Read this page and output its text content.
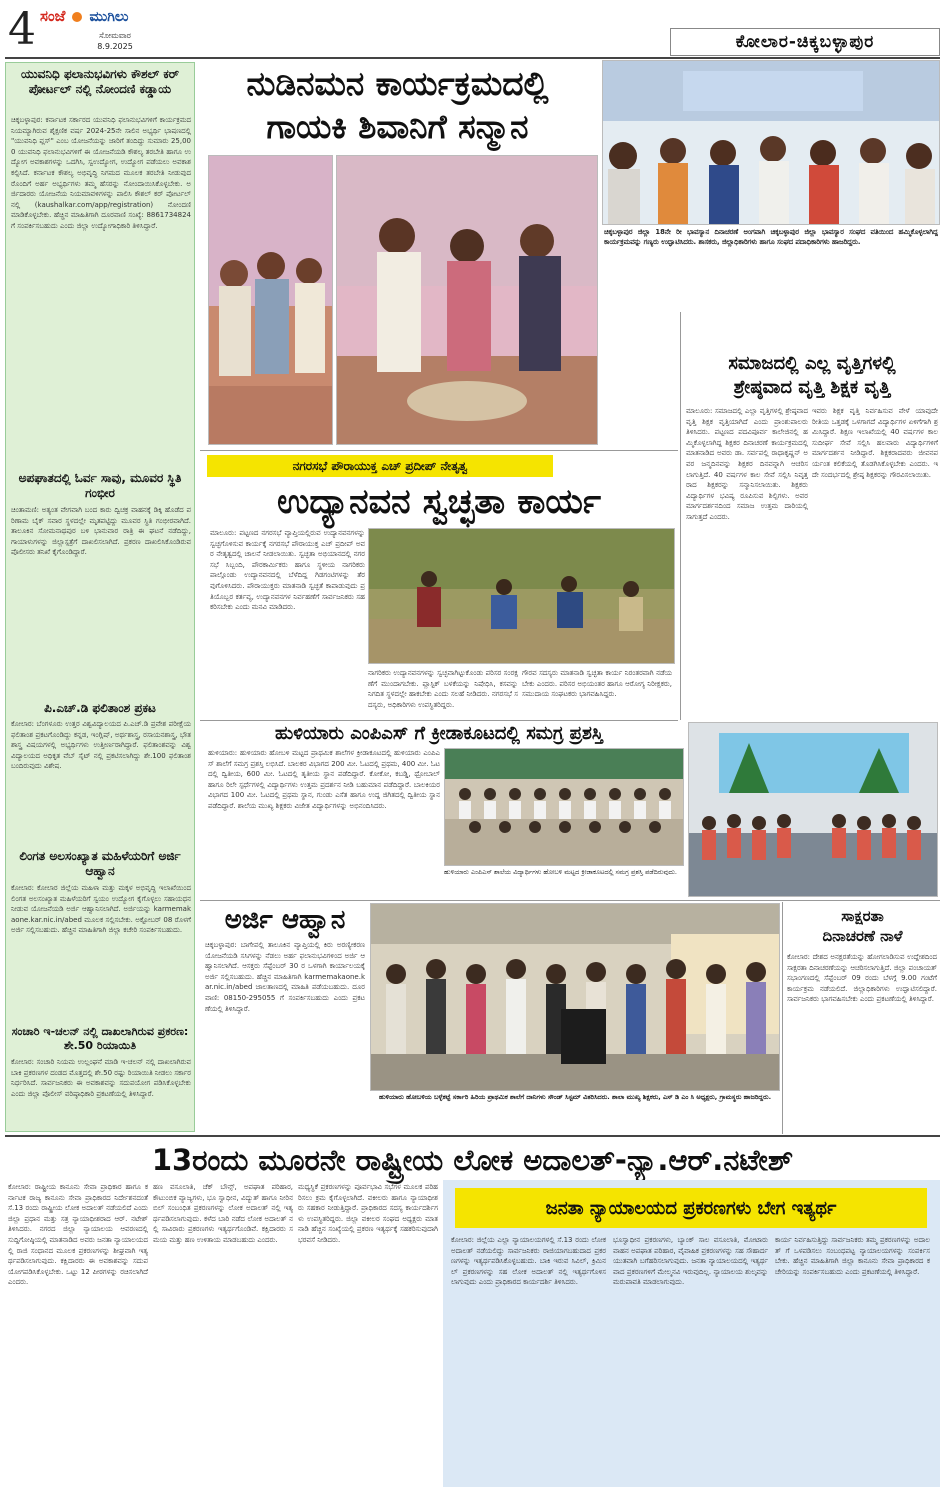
4 ಸಂಜೆ ಮುಗಿಲು
ಸೋಮವಾರ
8.9.2025	ಕೋಲಾರ-ಚಿಕ್ಕಬಳ್ಳಾಪುರ
ಯುವನಿಧಿ ಫಲಾನುಭವಿಗಳು ಕೌಶಲ್ ಕರ್ ಪೋರ್ಟಲ್ ನಲ್ಲಿ ನೋಂದಣಿ ಕಡ್ಡಾಯ
ಚಿಕ್ಕಬಳ್ಳಾಪುರ: ಕರ್ನಾಟಕ ಸರ್ಕಾರದ ಯುವನಿಧಿ ಫಲಾನುಭವಿಗಳಿಗೆ ಕಾರ್ಯಕ್ರಮದ ನಿಯಮ್ಯಾಗಿರುವ ಶೈಕ್ಷಣಿಕ ವರ್ಷ 2024-25ನೇ ಸಾಲಿನ ಅಭ್ಯರ್ಥಿ ಭಾಷಣದಲ್ಲಿ "ಯುವನಿಧಿ ಪ್ಲಸ್" ಎಂಬ ಯೋಜನೆಯನ್ನು ಜಾರಿಗೆ ತಂದಿದ್ದು ಸುಮಾರು 25,000 ಯುವನಿಧಿ ಫಲಾನುಭವಿಗಳಿಗೆ ಈ ಯೋಜನೆಯಡಿ ಕೌಶಲ್ಯ ತರಬೇತಿ ಹಾಗೂ ಉದ್ಯೋಗ ಅವಕಾಶಗಳನ್ನು ಒದಗಿಸಿ, ಸ್ವಉದ್ಯೋಗ, ಉದ್ಯೋಗ ಪಡೆಯಲು ಅವಕಾಶ ಕಲ್ಪಿಸಿದೆ. ಕರ್ನಾಟಕ ಕೌಶಲ್ಯ ಅಭಿವೃದ್ಧಿ ನಿಗಮದ ಮೂಲಕ ತರಬೇತಿ ನೀಡುವುದರೊಂದಿಗೆ ಅರ್ಹ ಅಭ್ಯರ್ಥಿಗಳು ತಮ್ಮ ಹೆಸರನ್ನು ನೋಂದಾಯಿಸಿಕೊಳ್ಳಬೇಕು. ಅರ್ಜಿದಾರರು ಯೋಜನೆಯ ನಿಯಮಾವಳಿಗಳನ್ನು ಪಾಲಿಸಿ ಕೌಶಲ್ ಕರ್ ಪೋರ್ಟಲ್ ನಲ್ಲಿ (kaushalkar.com/app/registration) ನೋಂದಣಿ ಮಾಡಿಕೊಳ್ಳಬೇಕು. ಹೆಚ್ಚಿನ ಮಾಹಿತಿಗಾಗಿ ದೂರವಾಣಿ ಸಂಖ್ಯೆ: 8861734824 ಗೆ ಸಂಪರ್ಕಿಸಬಹುದು ಎಂದು ಜಿಲ್ಲಾ ಉದ್ಯೋಗಾಧಿಕಾರಿ ತಿಳಿಸಿದ್ದಾರೆ.
ಅಪಘಾತದಲ್ಲಿ ಓರ್ವ ಸಾವು, ಮೂವರ ಸ್ಥಿತಿ ಗಂಭೀರ
ಚಿಂತಾಮಣಿ: ಅತ್ಯಂತ ವೇಗವಾಗಿ ಬಂದ ಕಾರು ದ್ವಿಚಕ್ರ ವಾಹನಕ್ಕೆ ಡಿಕ್ಕಿ ಹೊಡೆದ ಪರಿಣಾಮ ಬೈಕ್ ಸವಾರ ಸ್ಥಳದಲ್ಲೇ ಮೃತಪಟ್ಟಿದ್ದು ಮೂವರ ಸ್ಥಿತಿ ಗಂಭೀರವಾಗಿದೆ. ತಾಲೂಕಿನ ಸೋಮನಾಥಪುರ ಬಳಿ ಭಾನುವಾರ ರಾತ್ರಿ ಈ ಘಟನೆ ನಡೆದಿದ್ದು, ಗಾಯಾಳುಗಳನ್ನು ಜಿಲ್ಲಾಸ್ಪತ್ರೆಗೆ ದಾಖಲಿಸಲಾಗಿದೆ. ಪ್ರಕರಣ ದಾಖಲಿಸಿಕೊಂಡಿರುವ ಪೊಲೀಸರು ತನಿಖೆ ಕೈಗೊಂಡಿದ್ದಾರೆ.
ಪಿ.ಎಚ್.ಡಿ ಫಲಿತಾಂಶ ಪ್ರಕಟ
ಕೋಲಾರ: ಬೆಂಗಳೂರು ಉತ್ತರ ವಿಶ್ವವಿದ್ಯಾಲಯದ ಪಿ.ಎಚ್.ಡಿ ಪ್ರವೇಶ ಪರೀಕ್ಷೆಯ ಫಲಿತಾಂಶ ಪ್ರಕಟಗೊಂಡಿದ್ದು ಕನ್ನಡ, ಇಂಗ್ಲಿಷ್, ಅರ್ಥಶಾಸ್ತ್ರ, ರಸಾಯನಶಾಸ್ತ್ರ, ಭೌತಶಾಸ್ತ್ರ ವಿಷಯಗಳಲ್ಲಿ ಅಭ್ಯರ್ಥಿಗಳು ಉತ್ತೀರ್ಣರಾಗಿದ್ದಾರೆ. ಫಲಿತಾಂಶವನ್ನು ವಿಶ್ವವಿದ್ಯಾಲಯದ ಅಧಿಕೃತ ವೆಬ್ ಸೈಟ್ ನಲ್ಲಿ ಪ್ರಕಟಿಸಲಾಗಿದ್ದು ಶೇ.100 ಫಲಿತಾಂಶ ಬಂದಿರುವುದು ವಿಶೇಷ.
ಲಿಂಗತ ಅಲಸಂಖ್ಯಾತ ಮಹಿಳೆಯರಿಗೆ ಅರ್ಜಿ ಆಹ್ವಾನ
ಕೋಲಾರ: ಕೋಲಾರ ಜಿಲ್ಲೆಯ ಮಹಿಳಾ ಮತ್ತು ಮಕ್ಕಳ ಅಭಿವೃದ್ಧಿ ಇಲಾಖೆಯಿಂದ ಲಿಂಗತ ಅಲಸಂಖ್ಯಾತ ಮಹಿಳೆಯರಿಗೆ ಸ್ವಯಂ ಉದ್ಯೋಗ ಕೈಗೊಳ್ಳಲು ಸಹಾಯಧನ ನೀಡುವ ಯೋಜನೆಯಡಿ ಅರ್ಜಿ ಆಹ್ವಾನಿಸಲಾಗಿದೆ. ಅರ್ಜಿಯನ್ನು karmemakaone.kar.nic.in/abed ಮೂಲಕ ಸಲ್ಲಿಸಬೇಕು. ಅಕ್ಟೋಬರ್ 08 ರೊಳಗೆ ಅರ್ಜಿ ಸಲ್ಲಿಸಬಹುದು. ಹೆಚ್ಚಿನ ಮಾಹಿತಿಗಾಗಿ ಜಿಲ್ಲಾ ಕಚೇರಿ ಸಂಪರ್ಕಿಸಬಹುದು.
ಸಂಚಾರಿ ಇ-ಚಲನ್ ನಲ್ಲಿ ದಾಖಲಾಗಿರುವ ಪ್ರಕರಣ: ಶೇ.50 ರಿಯಾಯಿತಿ
ಕೋಲಾರ: ಸಂಚಾರಿ ನಿಯಮ ಉಲ್ಲಂಘನೆ ಮಾಡಿ ಇ-ಚಲನ್ ನಲ್ಲಿ ದಾಖಲಾಗಿರುವ ಬಾಕಿ ಪ್ರಕರಣಗಳ ದಂಡದ ಮೊತ್ತದಲ್ಲಿ ಶೇ.50 ರಷ್ಟು ರಿಯಾಯಿತಿ ನೀಡಲು ಸರ್ಕಾರ ನಿರ್ಧರಿಸಿದೆ. ಸಾರ್ವಜನಿಕರು ಈ ಅವಕಾಶವನ್ನು ಸದುಪಯೋಗ ಪಡಿಸಿಕೊಳ್ಳಬೇಕು ಎಂದು ಜಿಲ್ಲಾ ಪೊಲೀಸ್ ವರಿಷ್ಠಾಧಿಕಾರಿ ಪ್ರಕಟಣೆಯಲ್ಲಿ ತಿಳಿಸಿದ್ದಾರೆ.
ನುಡಿನಮನ ಕಾರ್ಯಕ್ರಮದಲ್ಲಿ
ಗಾಯಕಿ ಶಿವಾನಿಗೆ ಸನ್ಮಾನ
ಚಿಕ್ಕಬಳ್ಳಾಪುರ ಜಿಲ್ಲಾ 18ನೇ ರೀ ಭಾವಸ್ಯಾನ ದಿನಾಚರಣೆ ಅಂಗವಾಗಿ ಚಿಕ್ಕಬಳ್ಳಾಪುರ ಜಿಲ್ಲಾ ಭಾವಸ್ಯಾರ ಸಂಘದ ವತಿಯಿಂದ ಹಮ್ಮಿಕೊಳ್ಳಲಾಗಿದ್ದ ಕಾರ್ಯಕ್ರಮವನ್ನು ಗಣ್ಯರು ಉದ್ಘಾಟಿಸಿದರು. ಶಾಸಕರು, ಜಿಲ್ಲಾಧಿಕಾರಿಗಳು ಹಾಗೂ ಸಂಘದ ಪದಾಧಿಕಾರಿಗಳು ಹಾಜರಿದ್ದರು.
ನಗರಸಭೆ ಪೌರಾಯುಕ್ತ ಎಚ್ ಪ್ರದೀಪ್ ನೇತೃತ್ವ
ಉದ್ಯಾನವನ ಸ್ವಚ್ಛತಾ ಕಾರ್ಯ
ಮಾಲೂರು: ಪಟ್ಟಣದ ನಗರಸಭೆ ವ್ಯಾಪ್ತಿಯಲ್ಲಿರುವ ಉದ್ಯಾನವನಗಳನ್ನು ಸ್ವಚ್ಛಗೊಳಿಸುವ ಕಾರ್ಯಕ್ಕೆ ನಗರಸಭೆ ಪೌರಾಯುಕ್ತ ಎಚ್ ಪ್ರದೀಪ್ ಅವರ ನೇತೃತ್ವದಲ್ಲಿ ಚಾಲನೆ ನೀಡಲಾಯಿತು. ಸ್ವಚ್ಛತಾ ಅಭಿಯಾನದಲ್ಲಿ ನಗರಸಭೆ ಸಿಬ್ಬಂದಿ, ಪೌರಕಾರ್ಮಿಕರು ಹಾಗೂ ಸ್ಥಳೀಯ ನಾಗರಿಕರು ಪಾಲ್ಗೊಂಡು ಉದ್ಯಾನವನದಲ್ಲಿ ಬೆಳೆದಿದ್ದ ಗಿಡಗಂಟಿಗಳನ್ನು ತೆರವುಗೊಳಿಸಿದರು. ಪೌರಾಯುಕ್ತರು ಮಾತನಾಡಿ ಸ್ವಚ್ಛತೆ ಕಾಪಾಡುವುದು ಪ್ರತಿಯೊಬ್ಬರ ಕರ್ತವ್ಯ, ಉದ್ಯಾನವನಗಳ ನಿರ್ವಹಣೆಗೆ ಸಾರ್ವಜನಿಕರು ಸಹಕರಿಸಬೇಕು ಎಂದು ಮನವಿ ಮಾಡಿದರು.
ನಾಗರಿಕರು ಉದ್ಯಾನವನಗಳನ್ನು ಸ್ವಚ್ಛವಾಗಿಟ್ಟುಕೊಂಡು ಪರಿಸರ ಸಂರಕ್ಷಣೆಗೆ ಮುಂದಾಗಬೇಕು. ಪ್ಲಾಸ್ಟಿಕ್ ಬಳಕೆಯನ್ನು ನಿಷೇಧಿಸಿ, ಕಸವನ್ನು ನಿಗದಿತ ಸ್ಥಳದಲ್ಲೇ ಹಾಕಬೇಕು ಎಂದು ಸಲಹೆ ನೀಡಿದರು. ನಗರಸಭೆ ಸದಸ್ಯರು, ಅಧಿಕಾರಿಗಳು ಉಪಸ್ಥಿತರಿದ್ದರು.
ಗೌರವ ಸದಸ್ಯರು ಮಾತನಾಡಿ ಸ್ವಚ್ಛತಾ ಕಾರ್ಯ ನಿರಂತರವಾಗಿ ನಡೆಯಬೇಕು ಎಂದರು. ಪರಿಸರ ಅಭಿಯಂತರ ಹಾಗೂ ಆರೋಗ್ಯ ನಿರೀಕ್ಷಕರು, ಸಮುದಾಯ ಸಂಘಟಕರು ಭಾಗವಹಿಸಿದ್ದರು.
ಸಮಾಜದಲ್ಲಿ ಎಲ್ಲ ವೃತ್ತಿಗಳಲ್ಲಿ
ಶ್ರೇಷ್ಠವಾದ ವೃತ್ತಿ ಶಿಕ್ಷಕ ವೃತ್ತಿ
ಮಾಲೂರು: ಸಮಾಜದಲ್ಲಿ ಎಲ್ಲಾ ವೃತ್ತಿಗಳಲ್ಲಿ ಶ್ರೇಷ್ಠವಾದ ವೃತ್ತಿ ಶಿಕ್ಷಕ ವೃತ್ತಿಯಾಗಿದೆ ಎಂದು ಪ್ರಾಂಶುಪಾಲರು ತಿಳಿಸಿದರು. ಪಟ್ಟಣದ ಪದವಿಪೂರ್ವ ಕಾಲೇಜಿನಲ್ಲಿ ಹಮ್ಮಿಕೊಳ್ಳಲಾಗಿದ್ದ ಶಿಕ್ಷಕರ ದಿನಾಚರಣೆ ಕಾರ್ಯಕ್ರಮದಲ್ಲಿ ಮಾತನಾಡಿದ ಅವರು ಡಾ. ಸರ್ವಪಲ್ಲಿ ರಾಧಾಕೃಷ್ಣನ್ ಅವರ ಜನ್ಮದಿನವನ್ನು ಶಿಕ್ಷಕರ ದಿನವನ್ನಾಗಿ ಆಚರಿಸಲಾಗುತ್ತಿದೆ. 40 ವರ್ಷಗಳ ಕಾಲ ಸೇವೆ ಸಲ್ಲಿಸಿ ನಿವೃತ್ತರಾದ ಶಿಕ್ಷಕರನ್ನು ಸನ್ಮಾನಿಸಲಾಯಿತು. ಶಿಕ್ಷಕರು ವಿದ್ಯಾರ್ಥಿಗಳ ಭವಿಷ್ಯ ರೂಪಿಸುವ ಶಿಲ್ಪಿಗಳು. ಅವರ ಮಾರ್ಗದರ್ಶನದಿಂದ ಸಮಾಜ ಉತ್ತಮ ದಾರಿಯಲ್ಲಿ ಸಾಗುತ್ತದೆ ಎಂದರು.
ಇವರು ಶಿಕ್ಷಕ ವೃತ್ತಿ ನಿರ್ವಹಿಸುವ ವೇಳೆ ಯಾವುದೇ ರೀತಿಯ ಒತ್ತಡಕ್ಕೆ ಒಳಗಾಗದೆ ವಿದ್ಯಾರ್ಥಿಗಳ ಏಳಿಗೆಗಾಗಿ ಶ್ರಮಿಸಿದ್ದಾರೆ. ಶಿಕ್ಷಣ ಇಲಾಖೆಯಲ್ಲಿ 40 ವರ್ಷಗಳ ಕಾಲ ಸುದೀರ್ಘ ಸೇವೆ ಸಲ್ಲಿಸಿ ಹಲವಾರು ವಿದ್ಯಾರ್ಥಿಗಳಿಗೆ ಮಾರ್ಗದರ್ಶನ ನೀಡಿದ್ದಾರೆ. ಶಿಕ್ಷಕರಾದವರು ಜೀವನಪರ್ಯಂತ ಕಲಿಕೆಯಲ್ಲಿ ತೊಡಗಿಸಿಕೊಳ್ಳಬೇಕು ಎಂದರು. ಇದೇ ಸಂದರ್ಭದಲ್ಲಿ ಶ್ರೇಷ್ಠ ಶಿಕ್ಷಕರನ್ನು ಗೌರವಿಸಲಾಯಿತು.
ಹುಳಿಯಾರು ಎಂಪಿಎಸ್ ಗೆ ಕ್ರೀಡಾಕೂಟದಲ್ಲಿ ಸಮಗ್ರ ಪ್ರಶಸ್ತಿ
ಹುಳಿಯಾರು: ಹುಳಿಯಾರು ಹೋಬಳಿ ಮಟ್ಟದ ಪ್ರಾಥಮಿಕ ಶಾಲೆಗಳ ಕ್ರೀಡಾಕೂಟದಲ್ಲಿ ಹುಳಿಯಾರು ಎಂಪಿಎಸ್ ಶಾಲೆಗೆ ಸಮಗ್ರ ಪ್ರಶಸ್ತಿ ಲಭಿಸಿದೆ. ಬಾಲಕರ ವಿಭಾಗದ 200 ಮೀ. ಓಟದಲ್ಲಿ ಪ್ರಥಮ, 400 ಮೀ. ಓಟದಲ್ಲಿ ದ್ವಿತೀಯ, 600 ಮೀ. ಓಟದಲ್ಲಿ ತೃತೀಯ ಸ್ಥಾನ ಪಡೆದಿದ್ದಾರೆ. ಕೋಕೋ, ಕಬಡ್ಡಿ, ಥ್ರೋಬಾಲ್ ಹಾಗೂ ರಿಲೇ ಸ್ಪರ್ಧೆಗಳಲ್ಲಿ ವಿದ್ಯಾರ್ಥಿಗಳು ಉತ್ತಮ ಪ್ರದರ್ಶನ ನೀಡಿ ಬಹುಮಾನ ಪಡೆದಿದ್ದಾರೆ. ಬಾಲಕಿಯರ ವಿಭಾಗದ 100 ಮೀ. ಓಟದಲ್ಲಿ ಪ್ರಥಮ ಸ್ಥಾನ, ಗುಂಡು ಎಸೆತ ಹಾಗೂ ಉದ್ದ ಜಿಗಿತದಲ್ಲಿ ದ್ವಿತೀಯ ಸ್ಥಾನ ಪಡೆದಿದ್ದಾರೆ. ಶಾಲೆಯ ಮುಖ್ಯ ಶಿಕ್ಷಕರು ವಿಜೇತ ವಿದ್ಯಾರ್ಥಿಗಳನ್ನು ಅಭಿನಂದಿಸಿದರು.
ಹುಳಿಯಾರು ಎಂಪಿಎಸ್ ಶಾಲೆಯ ವಿದ್ಯಾರ್ಥಿಗಳು ಹೋಬಳಿ ಮಟ್ಟದ ಕ್ರೀಡಾಕೂಟದಲ್ಲಿ ಸಮಗ್ರ ಪ್ರಶಸ್ತಿ ಪಡೆದಿರುವುದು.
ಅರ್ಜಿ ಆಹ್ವಾನ
ಚಿಕ್ಕಬಳ್ಳಾಪುರ: ಬಾಗೇಪಲ್ಲಿ ತಾಲೂಕಿನ ವ್ಯಾಪ್ತಿಯಲ್ಲಿ ಕಿರು ಅರಣ್ಯೀಕರಣ ಯೋಜನೆಯಡಿ ಸಸಿಗಳನ್ನು ನೆಡಲು ಅರ್ಹ ಫಲಾನುಭವಿಗಳಿಂದ ಅರ್ಜಿ ಆಹ್ವಾನಿಸಲಾಗಿದೆ. ಆಸಕ್ತರು ಸೆಪ್ಟೆಂಬರ್ 30 ರ ಒಳಗಾಗಿ ಕಾರ್ಯಾಲಯಕ್ಕೆ ಅರ್ಜಿ ಸಲ್ಲಿಸಬಹುದು. ಹೆಚ್ಚಿನ ಮಾಹಿತಿಗಾಗಿ karmemakaone.kar.nic.in/abed ಜಾಲತಾಣದಲ್ಲಿ ಮಾಹಿತಿ ಪಡೆಯಬಹುದು. ದೂರವಾಣಿ: 08150-295055 ಗೆ ಸಂಪರ್ಕಿಸಬಹುದು ಎಂದು ಪ್ರಕಟಣೆಯಲ್ಲಿ ತಿಳಿಸಿದ್ದಾರೆ.
ಹುಳಿಯಾರು ಹೋಬಳಿಯ ಬಳ್ಳೆಕಟ್ಟೆ ಸರ್ಕಾರಿ ಹಿರಿಯ ಪ್ರಾಥಮಿಕ ಶಾಲೆಗೆ ದಾನಿಗಳು ಸೌಂಡ್ ಸಿಸ್ಟಮ್ ವಿತರಿಸಿದರು. ಶಾಲಾ ಮುಖ್ಯ ಶಿಕ್ಷಕರು, ಎಸ್ ಡಿ ಎಂ ಸಿ ಅಧ್ಯಕ್ಷರು, ಗ್ರಾಮಸ್ಥರು ಹಾಜರಿದ್ದರು.
ಸಾಕ್ಷರತಾ
ದಿನಾಚರಣೆ ನಾಳೆ
ಕೋಲಾರ: ದೇಶದ ಅನಕ್ಷರತೆಯನ್ನು ಹೋಗಲಾಡಿಸುವ ಉದ್ದೇಶದಿಂದ ಸಾಕ್ಷರತಾ ದಿನಾಚರಣೆಯನ್ನು ಆಚರಿಸಲಾಗುತ್ತಿದೆ. ಜಿಲ್ಲಾ ಪಂಚಾಯತ್ ಸಭಾಂಗಣದಲ್ಲಿ ಸೆಪ್ಟೆಂಬರ್ 09 ರಂದು ಬೆಳಗ್ಗೆ 9.00 ಗಂಟೆಗೆ ಕಾರ್ಯಕ್ರಮ ನಡೆಯಲಿದೆ. ಜಿಲ್ಲಾಧಿಕಾರಿಗಳು ಉದ್ಘಾಟಿಸಲಿದ್ದಾರೆ. ಸಾರ್ವಜನಿಕರು ಭಾಗವಹಿಸಬೇಕು ಎಂದು ಪ್ರಕಟಣೆಯಲ್ಲಿ ತಿಳಿಸಿದ್ದಾರೆ.
13ರಂದು ಮೂರನೇ ರಾಷ್ಟ್ರೀಯ ಲೋಕ ಅದಾಲತ್-ನ್ಯಾ.ಆರ್.ನಟೇಶ್
ಕೋಲಾರ: ರಾಷ್ಟ್ರೀಯ ಕಾನೂನು ಸೇವಾ ಪ್ರಾಧಿಕಾರ ಹಾಗೂ ಕರ್ನಾಟಕ ರಾಜ್ಯ ಕಾನೂನು ಸೇವಾ ಪ್ರಾಧಿಕಾರದ ನಿರ್ದೇಶನದಂತೆ ಸೆ.13 ರಂದು ರಾಷ್ಟ್ರೀಯ ಲೋಕ ಅದಾಲತ್ ನಡೆಯಲಿದೆ ಎಂದು ಜಿಲ್ಲಾ ಪ್ರಧಾನ ಮತ್ತು ಸತ್ರ ನ್ಯಾಯಾಧೀಶರಾದ ಆರ್. ನಟೇಶ್ ತಿಳಿಸಿದರು. ನಗರದ ಜಿಲ್ಲಾ ನ್ಯಾಯಾಲಯ ಆವರಣದಲ್ಲಿ ಸುದ್ದಿಗೋಷ್ಠಿಯಲ್ಲಿ ಮಾತನಾಡಿದ ಅವರು ಜನತಾ ನ್ಯಾಯಾಲಯದಲ್ಲಿ ರಾಜಿ ಸಂಧಾನದ ಮೂಲಕ ಪ್ರಕರಣಗಳನ್ನು ಶೀಘ್ರವಾಗಿ ಇತ್ಯರ್ಥಪಡಿಸಲಾಗುವುದು. ಕಕ್ಷಿದಾರರು ಈ ಅವಕಾಶವನ್ನು ಸದುಪಯೋಗಪಡಿಸಿಕೊಳ್ಳಬೇಕು. ಒಟ್ಟು 12 ಪೀಠಗಳನ್ನು ರಚಿಸಲಾಗಿದೆ ಎಂದರು.
ಹಣ ವಸೂಲಾತಿ, ಚೆಕ್ ಬೌನ್ಸ್, ಅಪಘಾತ ಪರಿಹಾರ, ಕೌಟುಂಬಿಕ ವ್ಯಾಜ್ಯಗಳು, ಭೂ ಸ್ವಾಧೀನ, ವಿದ್ಯುತ್ ಹಾಗೂ ನೀರಿನ ಬಿಲ್ ಸಂಬಂಧಿತ ಪ್ರಕರಣಗಳನ್ನು ಲೋಕ ಅದಾಲತ್ ನಲ್ಲಿ ಇತ್ಯರ್ಥಪಡಿಸಲಾಗುವುದು. ಕಳೆದ ಬಾರಿ ನಡೆದ ಲೋಕ ಅದಾಲತ್ ನಲ್ಲಿ ಸಾವಿರಾರು ಪ್ರಕರಣಗಳು ಇತ್ಯರ್ಥಗೊಂಡಿವೆ. ಕಕ್ಷಿದಾರರು ಸಮಯ ಮತ್ತು ಹಣ ಉಳಿತಾಯ ಮಾಡಬಹುದು ಎಂದರು.
ಮಧ್ಯಸ್ಥಿಕೆ ಪ್ರಕರಣಗಳನ್ನು ಪೂರ್ವಭಾವಿ ಸಭೆಗಳ ಮೂಲಕ ಪರಿಹರಿಸಲು ಕ್ರಮ ಕೈಗೊಳ್ಳಲಾಗಿದೆ. ವಕೀಲರು ಹಾಗೂ ನ್ಯಾಯಾಧೀಶರು ಸಹಕಾರ ನೀಡುತ್ತಿದ್ದಾರೆ. ಪ್ರಾಧಿಕಾರದ ಸದಸ್ಯ ಕಾರ್ಯದರ್ಶಿಗಳು ಉಪಸ್ಥಿತರಿದ್ದರು. ಜಿಲ್ಲಾ ವಕೀಲರ ಸಂಘದ ಅಧ್ಯಕ್ಷರು ಮಾತನಾಡಿ ಹೆಚ್ಚಿನ ಸಂಖ್ಯೆಯಲ್ಲಿ ಪ್ರಕರಣ ಇತ್ಯರ್ಥಕ್ಕೆ ಸಹಕರಿಸುವುದಾಗಿ ಭರವಸೆ ನೀಡಿದರು.
ಜನತಾ ನ್ಯಾಯಾಲಯದ ಪ್ರಕರಣಗಳು ಬೇಗ ಇತ್ಯರ್ಥ
ಕೋಲಾರ: ಜಿಲ್ಲೆಯ ಎಲ್ಲಾ ನ್ಯಾಯಾಲಯಗಳಲ್ಲಿ ಸೆ.13 ರಂದು ಲೋಕ ಅದಾಲತ್ ನಡೆಯಲಿದ್ದು ಸಾರ್ವಜನಿಕರು ರಾಜಿಯಾಗಬಹುದಾದ ಪ್ರಕರಣಗಳನ್ನು ಇತ್ಯರ್ಥಪಡಿಸಿಕೊಳ್ಳಬಹುದು. ಬಾಕಿ ಇರುವ ಸಿವಿಲ್, ಕ್ರಿಮಿನಲ್ ಪ್ರಕರಣಗಳನ್ನು ಸಹ ಲೋಕ ಅದಾಲತ್ ನಲ್ಲಿ ಇತ್ಯರ್ಥಗೊಳಿಸಲಾಗುವುದು ಎಂದು ಪ್ರಾಧಿಕಾರದ ಕಾರ್ಯದರ್ಶಿ ತಿಳಿಸಿದರು.
ಭೂಸ್ವಾಧೀನ ಪ್ರಕರಣಗಳು, ಬ್ಯಾಂಕ್ ಸಾಲ ವಸೂಲಾತಿ, ಮೋಟಾರು ವಾಹನ ಅಪಘಾತ ಪರಿಹಾರ, ವೈವಾಹಿಕ ಪ್ರಕರಣಗಳನ್ನು ಸಹ ಸೌಹಾರ್ದಯುತವಾಗಿ ಬಗೆಹರಿಸಲಾಗುವುದು. ಜನತಾ ನ್ಯಾಯಾಲಯದಲ್ಲಿ ಇತ್ಯರ್ಥವಾದ ಪ್ರಕರಣಗಳಿಗೆ ಮೇಲ್ಮನವಿ ಇರುವುದಿಲ್ಲ. ನ್ಯಾಯಾಲಯ ಶುಲ್ಕವನ್ನು ಮರುಪಾವತಿ ಮಾಡಲಾಗುವುದು.
ಕಾರ್ಯ ನಿರ್ವಹಿಸುತ್ತಿದ್ದು ಸಾರ್ವಜನಿಕರು ತಮ್ಮ ಪ್ರಕರಣಗಳನ್ನು ಅದಾಲತ್ ಗೆ ಒಳಪಡಿಸಲು ಸಂಬಂಧಪಟ್ಟ ನ್ಯಾಯಾಲಯಗಳನ್ನು ಸಂಪರ್ಕಿಸಬೇಕು. ಹೆಚ್ಚಿನ ಮಾಹಿತಿಗಾಗಿ ಜಿಲ್ಲಾ ಕಾನೂನು ಸೇವಾ ಪ್ರಾಧಿಕಾರದ ಕಚೇರಿಯನ್ನು ಸಂಪರ್ಕಿಸಬಹುದು ಎಂದು ಪ್ರಕಟಣೆಯಲ್ಲಿ ತಿಳಿಸಿದ್ದಾರೆ.
